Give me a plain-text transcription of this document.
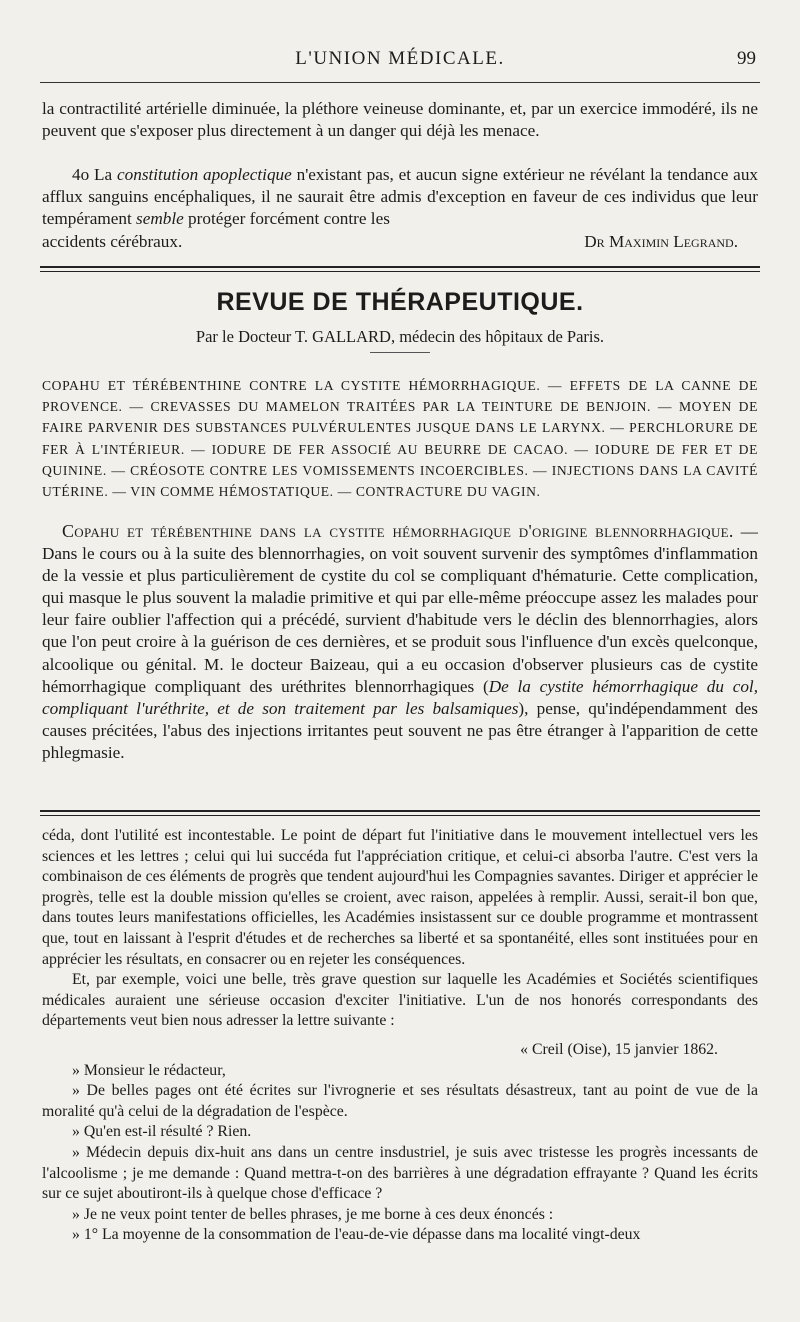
L'UNION MÉDICALE.	99

la contractilité artérielle diminuée, la pléthore veineuse dominante, et, par un exercice immodéré, ils ne peuvent que s'exposer plus directement à un danger qui déjà les menace.

4o La constitution apoplectique n'existant pas, et aucun signe extérieur ne révélant la tendance aux afflux sanguins encéphaliques, il ne saurait être admis d'exception en faveur de ces individus que leur tempérament semble protéger forcément contre les

accidents cérébraux.	Dr Maximin Legrand.
REVUE DE THÉRAPEUTIQUE.
Par le Docteur T. GALLARD, médecin des hôpitaux de Paris.

COPAHU ET TÉRÉBENTHINE CONTRE LA CYSTITE HÉMORRHAGIQUE. — EFFETS DE LA CANNE DE PROVENCE. — CREVASSES DU MAMELON TRAITÉES PAR LA TEINTURE DE BENJOIN. — MOYEN DE FAIRE PARVENIR DES SUBSTANCES PULVÉRULENTES JUSQUE DANS LE LARYNX. — PERCHLORURE DE FER À L'INTÉRIEUR. — IODURE DE FER ASSOCIÉ AU BEURRE DE CACAO. — IODURE DE FER ET DE QUININE. — CRÉOSOTE CONTRE LES VOMISSEMENTS INCOERCIBLES. — INJECTIONS DANS LA CAVITÉ UTÉRINE. — VIN COMME HÉMOSTATIQUE. — CONTRACTURE DU VAGIN.

Copahu et térébenthine dans la cystite hémorrhagique d'origine blennorrhagique. — Dans le cours ou à la suite des blennorrhagies, on voit souvent survenir des symptômes d'inflammation de la vessie et plus particulièrement de cystite du col se compliquant d'hématurie. Cette complication, qui masque le plus souvent la maladie primitive et qui par elle-même préoccupe assez les malades pour leur faire oublier l'affection qui a précédé, survient d'habitude vers le déclin des blennorrhagies, alors que l'on peut croire à la guérison de ces dernières, et se produit sous l'influence d'un excès quelconque, alcoolique ou génital. M. le docteur Baizeau, qui a eu occasion d'observer plusieurs cas de cystite hémorrhagique compliquant des uréthrites blennorrhagiques (De la cystite hémorrhagique du col, compliquant l'uréthrite, et de son traitement par les balsamiques), pense, qu'indépendamment des causes précitées, l'abus des injections irritantes peut souvent ne pas être étranger à l'apparition de cette phlegmasie.

céda, dont l'utilité est incontestable. Le point de départ fut l'initiative dans le mouvement intellectuel vers les sciences et les lettres ; celui qui lui succéda fut l'appréciation critique, et celui-ci absorba l'autre. C'est vers la combinaison de ces éléments de progrès que tendent aujourd'hui les Compagnies savantes. Diriger et apprécier le progrès, telle est la double mission qu'elles se croient, avec raison, appelées à remplir. Aussi, serait-il bon que, dans toutes leurs manifestations officielles, les Académies insistassent sur ce double programme et montrassent que, tout en laissant à l'esprit d'études et de recherches sa liberté et sa spontanéité, elles sont instituées pour en apprécier les résultats, en consacrer ou en rejeter les conséquences.

Et, par exemple, voici une belle, très grave question sur laquelle les Académies et Sociétés scientifiques médicales auraient une sérieuse occasion d'exciter l'initiative. L'un de nos honorés correspondants des départements veut bien nous adresser la lettre suivante :

« Creil (Oise), 15 janvier 1862.

» Monsieur le rédacteur,

» De belles pages ont été écrites sur l'ivrognerie et ses résultats désastreux, tant au point de vue de la moralité qu'à celui de la dégradation de l'espèce.

» Qu'en est-il résulté ? Rien.

» Médecin depuis dix-huit ans dans un centre insdustriel, je suis avec tristesse les progrès incessants de l'alcoolisme ; je me demande : Quand mettra-t-on des barrières à une dégradation effrayante ? Quand les écrits sur ce sujet aboutiront-ils à quelque chose d'efficace ?

» Je ne veux point tenter de belles phrases, je me borne à ces deux énoncés :

» 1° La moyenne de la consommation de l'eau-de-vie dépasse dans ma localité vingt-deux
